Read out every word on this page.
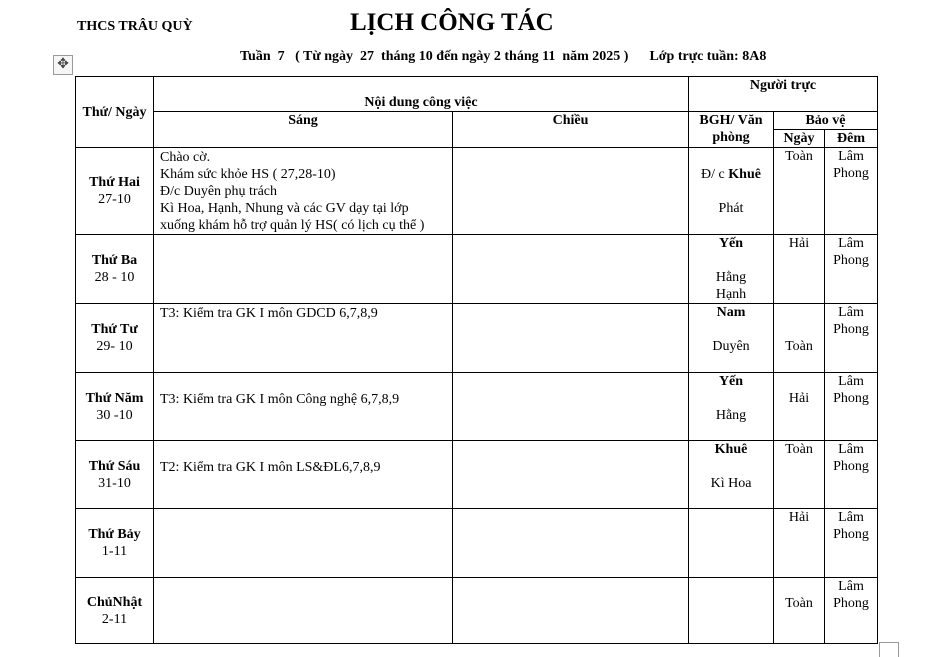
THCS TRÂU QUỲ	LỊCH CÔNG TÁC
Tuần  7   ( Từ ngày  27  tháng 10 đến ngày 2 tháng 11  năm 2025 )      Lớp trực tuần: 8A8
✥
Thứ/ Ngày	Nội dung công việc		Người trực		
	Sáng	Chiều	BGH/ Văn phòng	Bảo vệ	
				Ngày	Đêm

Thứ Hai
27-10	Chào cờ.
Khám sức khỏe HS ( 27,28-10)
Đ/c Duyên phụ trách
Kì Hoa, Hạnh, Nhung và các GV dạy tại lớp
xuống khám hỗ trợ quản lý HS( có lịch cụ thể )		Đ/ c Khuê
Phát	Toàn	Lâm Phong

Thứ Ba
28 - 10			Yến
Hằng
Hạnh	Hải	Lâm Phong

Thứ Tư
29- 10	T3: Kiểm tra GK I môn GDCD 6,7,8,9		Nam
Duyên	Toàn	Lâm Phong

Thứ Năm
30 -10	T3: Kiểm tra GK I môn Công nghệ 6,7,8,9		Yến
Hằng	Hải	Lâm Phong

Thứ Sáu
31-10	T2: Kiểm tra GK I môn LS&ĐL6,7,8,9		Khuê
Kì Hoa	Toàn	Lâm Phong

Thứ Bảy
1-11				Hải	Lâm Phong

ChủNhật
2-11				Toàn	Lâm Phong
